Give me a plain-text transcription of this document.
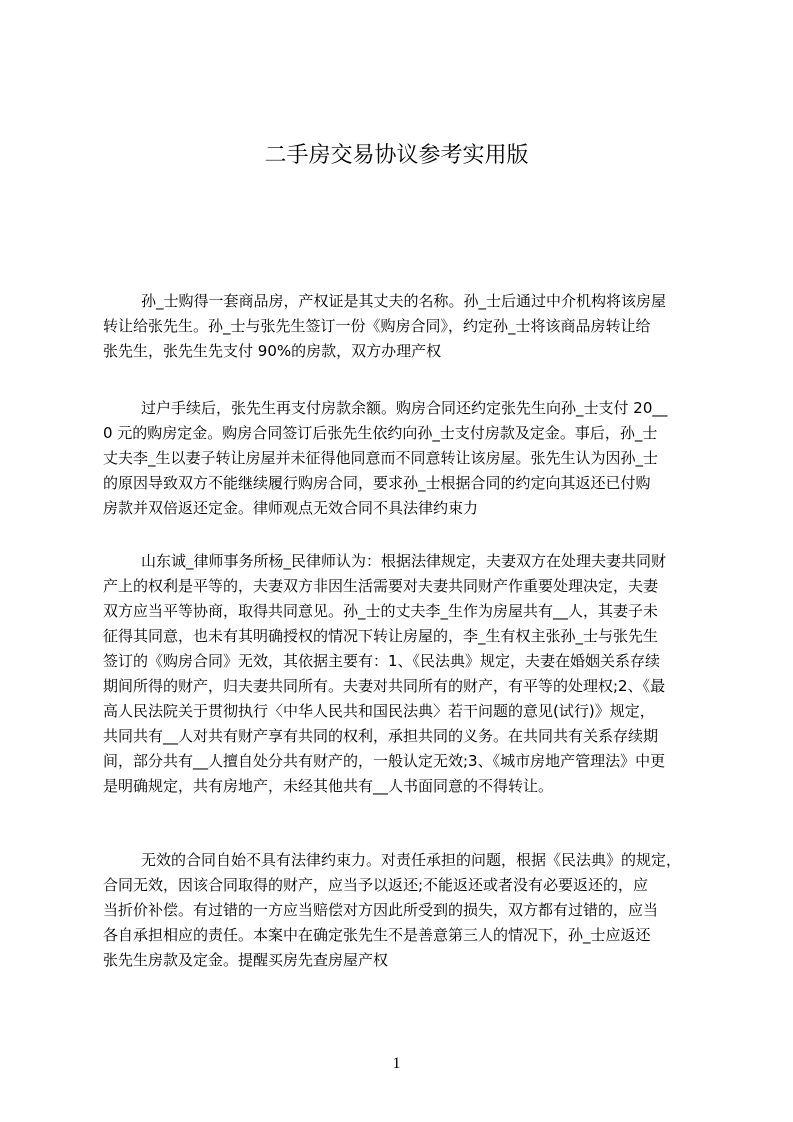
二手房交易协议参考实用版
孙_士购得一套商品房，产权证是其丈夫的名称。孙_士后通过中介机构将该房屋
转让给张先生。孙_士与张先生签订一份《购房合同》，约定孙_士将该商品房转让给
张先生，张先生先支付 90%的房款，双方办理产权
过户手续后，张先生再支付房款余额。购房合同还约定张先生向孙_士支付 20__
0 元的购房定金。购房合同签订后张先生依约向孙_士支付房款及定金。事后，孙_士
丈夫李_生以妻子转让房屋并未征得他同意而不同意转让该房屋。张先生认为因孙_士
的原因导致双方不能继续履行购房合同，要求孙_士根据合同的约定向其返还已付购
房款并双倍返还定金。律师观点无效合同不具法律约束力
山东诚_律师事务所杨_民律师认为：根据法律规定，夫妻双方在处理夫妻共同财
产上的权利是平等的，夫妻双方非因生活需要对夫妻共同财产作重要处理决定，夫妻
双方应当平等协商，取得共同意见。孙_士的丈夫李_生作为房屋共有__人，其妻子未
征得其同意，也未有其明确授权的情况下转让房屋的，李_生有权主张孙_士与张先生
签订的《购房合同》无效，其依据主要有：1、《民法典》规定，夫妻在婚姻关系存续
期间所得的财产，归夫妻共同所有。夫妻对共同所有的财产，有平等的处理权;2、《最
高人民法院关于贯彻执行〈中华人民共和国民法典〉若干问题的意见(试行)》规定，
共同共有__人对共有财产享有共同的权利，承担共同的义务。在共同共有关系存续期
间，部分共有__人擅自处分共有财产的，一般认定无效;3、《城市房地产管理法》中更
是明确规定，共有房地产，未经其他共有__人书面同意的不得转让。
无效的合同自始不具有法律约束力。对责任承担的问题，根据《民法典》的规定，
合同无效，因该合同取得的财产，应当予以返还;不能返还或者没有必要返还的，应
当折价补偿。有过错的一方应当赔偿对方因此所受到的损失，双方都有过错的，应当
各自承担相应的责任。本案中在确定张先生不是善意第三人的情况下，孙_士应返还
张先生房款及定金。提醒买房先查房屋产权
1
